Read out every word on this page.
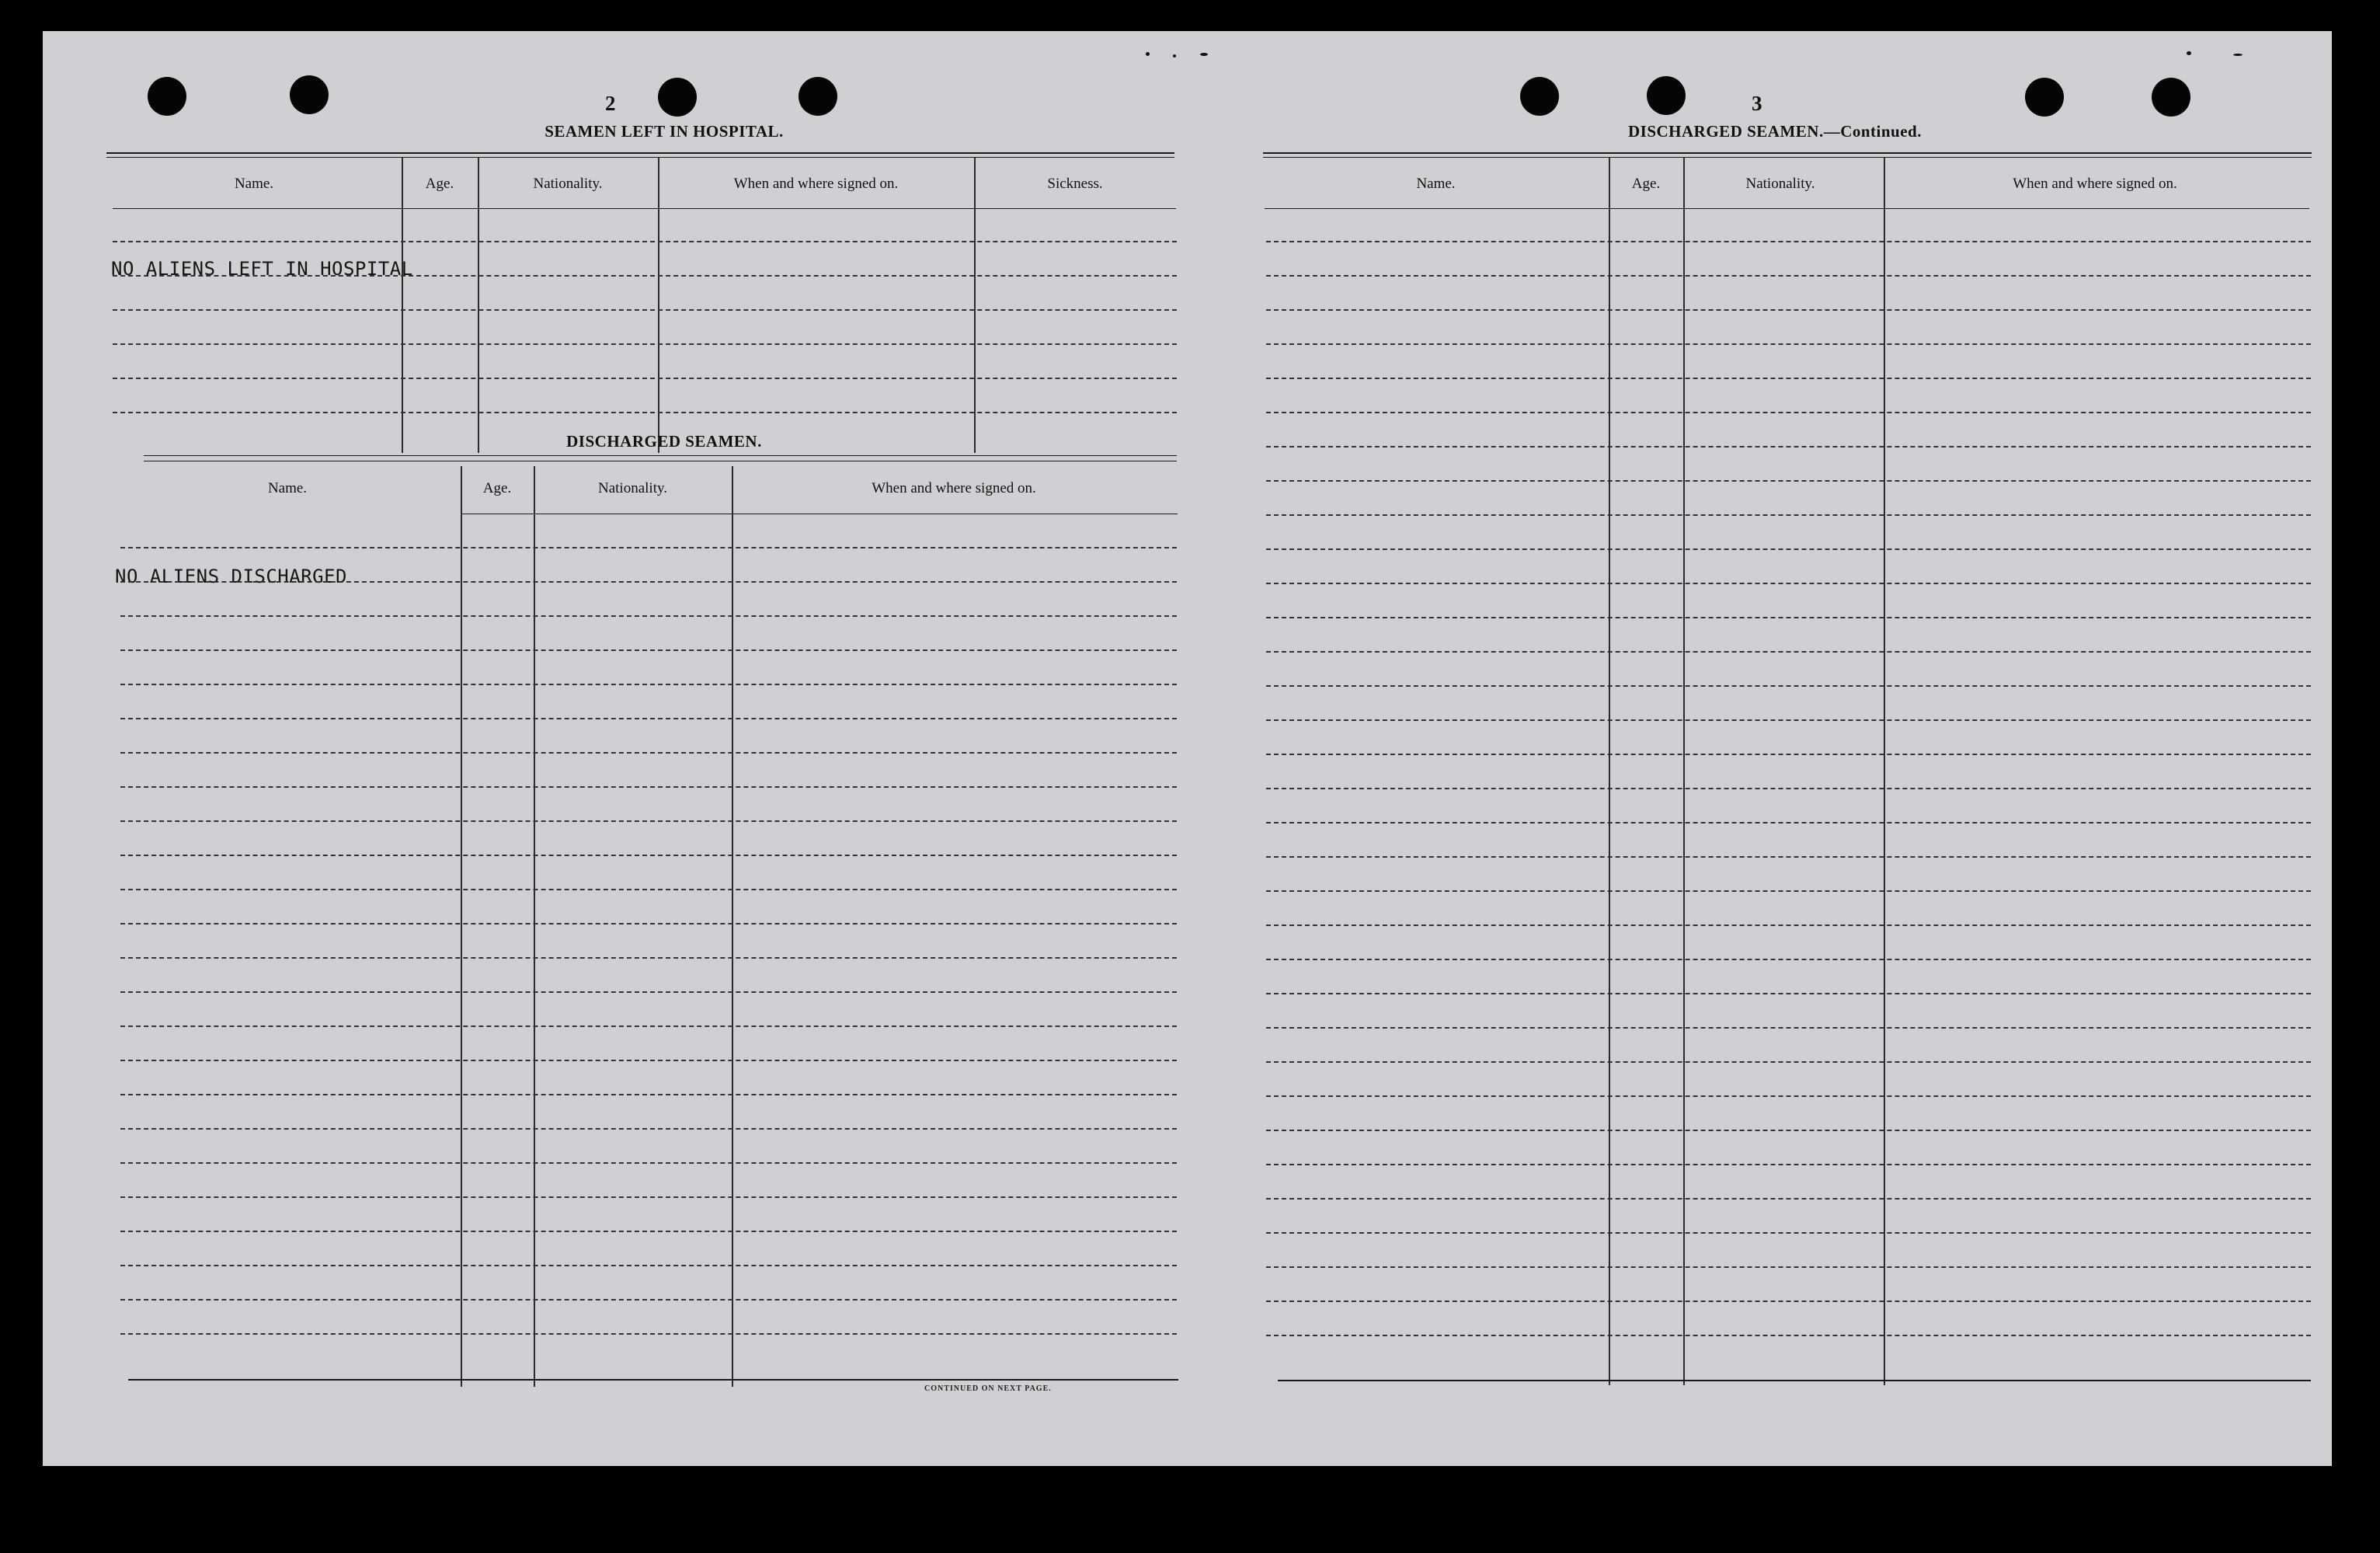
2
SEAMEN LEFT IN HOSPITAL.
Name.	Age.	Nationality.	When and where signed on.	Sickness.
NO ALIENS LEFT IN HOSPITAL
DISCHARGED SEAMEN.
Name.	Age.	Nationality.	When and where signed on.
NO ALIENS DISCHARGED
CONTINUED ON NEXT PAGE.
3
DISCHARGED SEAMEN.—Continued.
Name.	Age.	Nationality.	When and where signed on.
